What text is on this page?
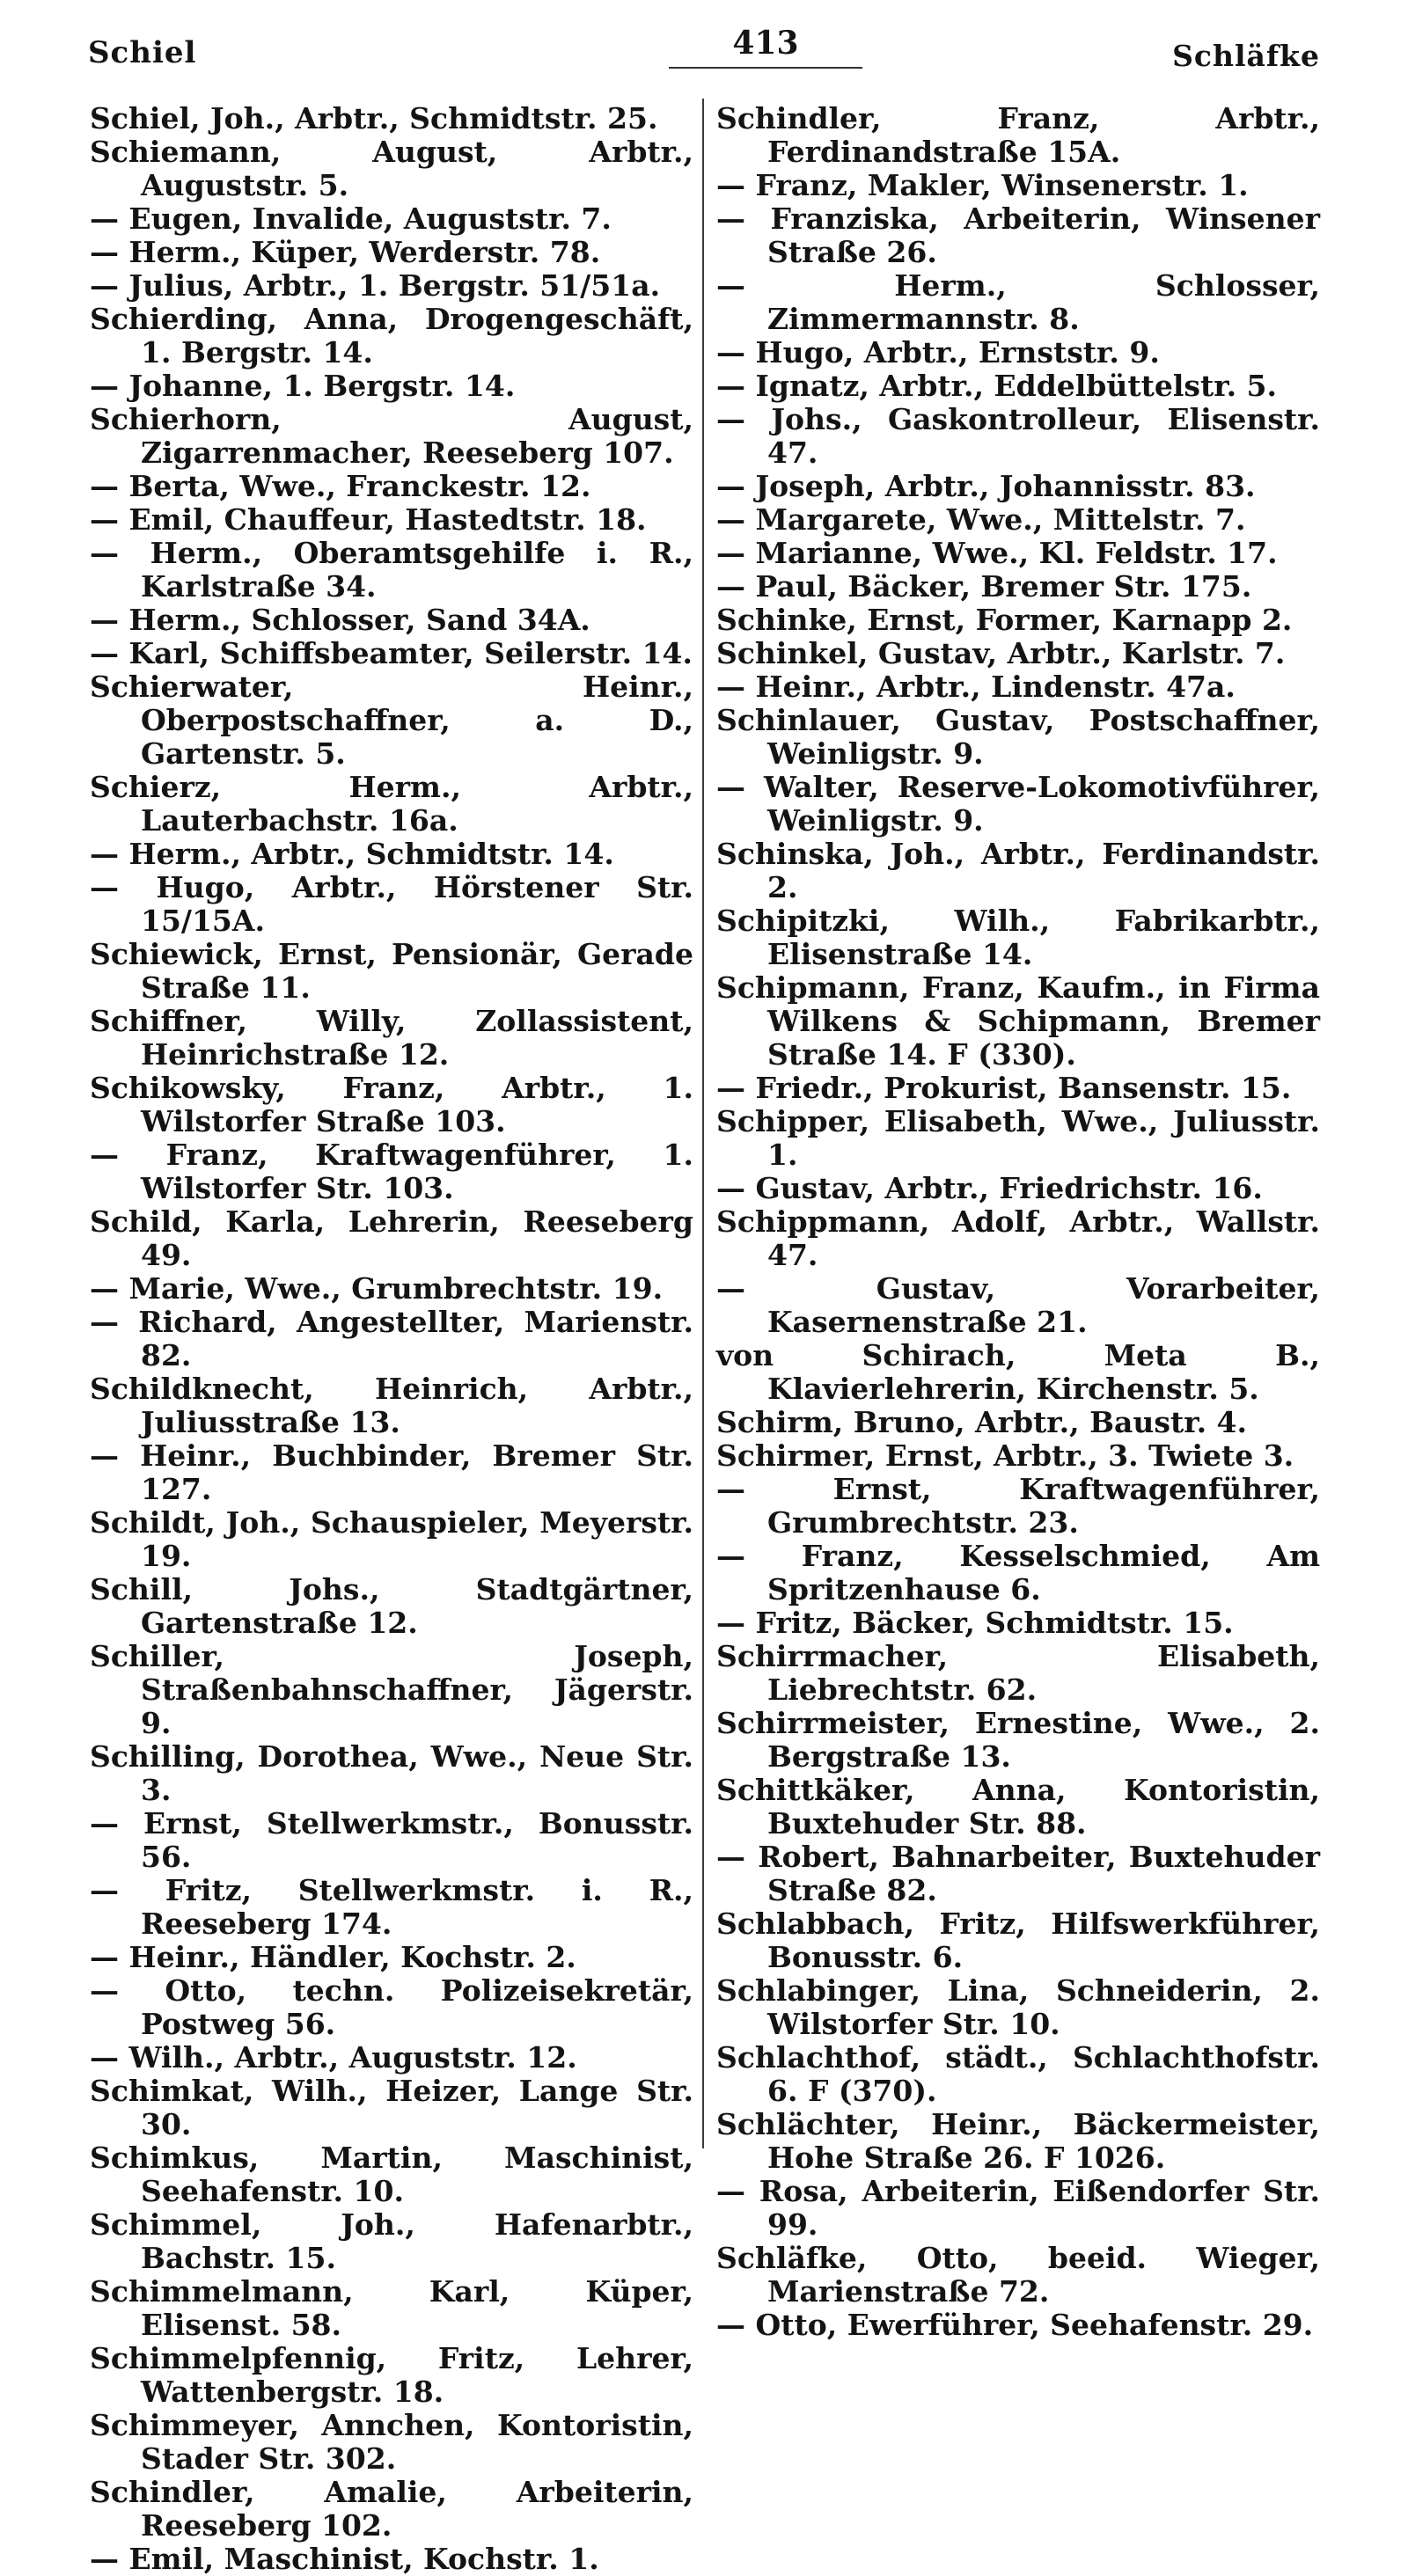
Schiel	413	Schläfke

Schiel, Joh., Arbtr., Schmidtstr. 25.

Schiemann, August, Arbtr., Auguststr. 5.

— Eugen, Invalide, Auguststr. 7.

— Herm., Küper, Werderstr. 78.

— Julius, Arbtr., 1. Bergstr. 51/51a.

Schierding, Anna, Drogengeschäft, 1. Bergstr. 14.

— Johanne, 1. Bergstr. 14.

Schierhorn, August, Zigarrenmacher, Reeseberg 107.

— Berta, Wwe., Franckestr. 12.

— Emil, Chauffeur, Hastedtstr. 18.

— Herm., Oberamtsgehilfe i. R., Karlstraße 34.

— Herm., Schlosser, Sand 34A.

— Karl, Schiffsbeamter, Seilerstr. 14.

Schierwater, Heinr., Oberpostschaffner, a. D., Gartenstr. 5.

Schierz, Herm., Arbtr., Lauterbachstr. 16a.

— Herm., Arbtr., Schmidtstr. 14.

— Hugo, Arbtr., Hörstener Str. 15/15A.

Schiewick, Ernst, Pensionär, Gerade Straße 11.

Schiffner, Willy, Zollassistent, Heinrichstraße 12.

Schikowsky, Franz, Arbtr., 1. Wilstorfer Straße 103.

— Franz, Kraftwagenführer, 1. Wilstorfer Str. 103.

Schild, Karla, Lehrerin, Reeseberg 49.

— Marie, Wwe., Grumbrechtstr. 19.

— Richard, Angestellter, Marienstr. 82.

Schildknecht, Heinrich, Arbtr., Juliusstraße 13.

— Heinr., Buchbinder, Bremer Str. 127.

Schildt, Joh., Schauspieler, Meyerstr. 19.

Schill, Johs., Stadtgärtner, Gartenstraße 12.

Schiller, Joseph, Straßenbahnschaffner, Jägerstr. 9.

Schilling, Dorothea, Wwe., Neue Str. 3.

— Ernst, Stellwerkmstr., Bonusstr. 56.

— Fritz, Stellwerkmstr. i. R., Reeseberg 174.

— Heinr., Händler, Kochstr. 2.

— Otto, techn. Polizeisekretär, Postweg 56.

— Wilh., Arbtr., Auguststr. 12.

Schimkat, Wilh., Heizer, Lange Str. 30.

Schimkus, Martin, Maschinist, Seehafenstr. 10.

Schimmel, Joh., Hafenarbtr., Bachstr. 15.

Schimmelmann, Karl, Küper, Elisenst. 58.

Schimmelpfennig, Fritz, Lehrer, Wattenbergstr. 18.

Schimmeyer, Annchen, Kontoristin, Stader Str. 302.

Schindler, Amalie, Arbeiterin, Reeseberg 102.

— Emil, Maschinist, Kochstr. 1.

Schindler, Franz, Arbtr., Ferdinandstraße 15A.

— Franz, Makler, Winsenerstr. 1.

— Franziska, Arbeiterin, Winsener Straße 26.

— Herm., Schlosser, Zimmermannstr. 8.

— Hugo, Arbtr., Ernststr. 9.

— Ignatz, Arbtr., Eddelbüttelstr. 5.

— Johs., Gaskontrolleur, Elisenstr. 47.

— Joseph, Arbtr., Johannisstr. 83.

— Margarete, Wwe., Mittelstr. 7.

— Marianne, Wwe., Kl. Feldstr. 17.

— Paul, Bäcker, Bremer Str. 175.

Schinke, Ernst, Former, Karnapp 2.

Schinkel, Gustav, Arbtr., Karlstr. 7.

— Heinr., Arbtr., Lindenstr. 47a.

Schinlauer, Gustav, Postschaffner, Weinligstr. 9.

— Walter, Reserve-Lokomotivführer, Weinligstr. 9.

Schinska, Joh., Arbtr., Ferdinandstr. 2.

Schipitzki, Wilh., Fabrikarbtr., Elisenstraße 14.

Schipmann, Franz, Kaufm., in Firma Wilkens & Schipmann, Bremer Straße 14. F (330).

— Friedr., Prokurist, Bansenstr. 15.

Schipper, Elisabeth, Wwe., Juliusstr. 1.

— Gustav, Arbtr., Friedrichstr. 16.

Schippmann, Adolf, Arbtr., Wallstr. 47.

— Gustav, Vorarbeiter, Kasernenstraße 21.

von Schirach, Meta B., Klavierlehrerin, Kirchenstr. 5.

Schirm, Bruno, Arbtr., Baustr. 4.

Schirmer, Ernst, Arbtr., 3. Twiete 3.

— Ernst, Kraftwagenführer, Grumbrechtstr. 23.

— Franz, Kesselschmied, Am Spritzenhause 6.

— Fritz, Bäcker, Schmidtstr. 15.

Schirrmacher, Elisabeth, Liebrechtstr. 62.

Schirrmeister, Ernestine, Wwe., 2. Bergstraße 13.

Schittkäker, Anna, Kontoristin, Buxtehuder Str. 88.

— Robert, Bahnarbeiter, Buxtehuder Straße 82.

Schlabbach, Fritz, Hilfswerkführer, Bonusstr. 6.

Schlabinger, Lina, Schneiderin, 2. Wilstorfer Str. 10.

Schlachthof, städt., Schlachthofstr. 6. F (370).

Schlächter, Heinr., Bäckermeister, Hohe Straße 26. F 1026.

— Rosa, Arbeiterin, Eißendorfer Str. 99.

Schläfke, Otto, beeid. Wieger, Marienstraße 72.

— Otto, Ewerführer, Seehafenstr. 29.
